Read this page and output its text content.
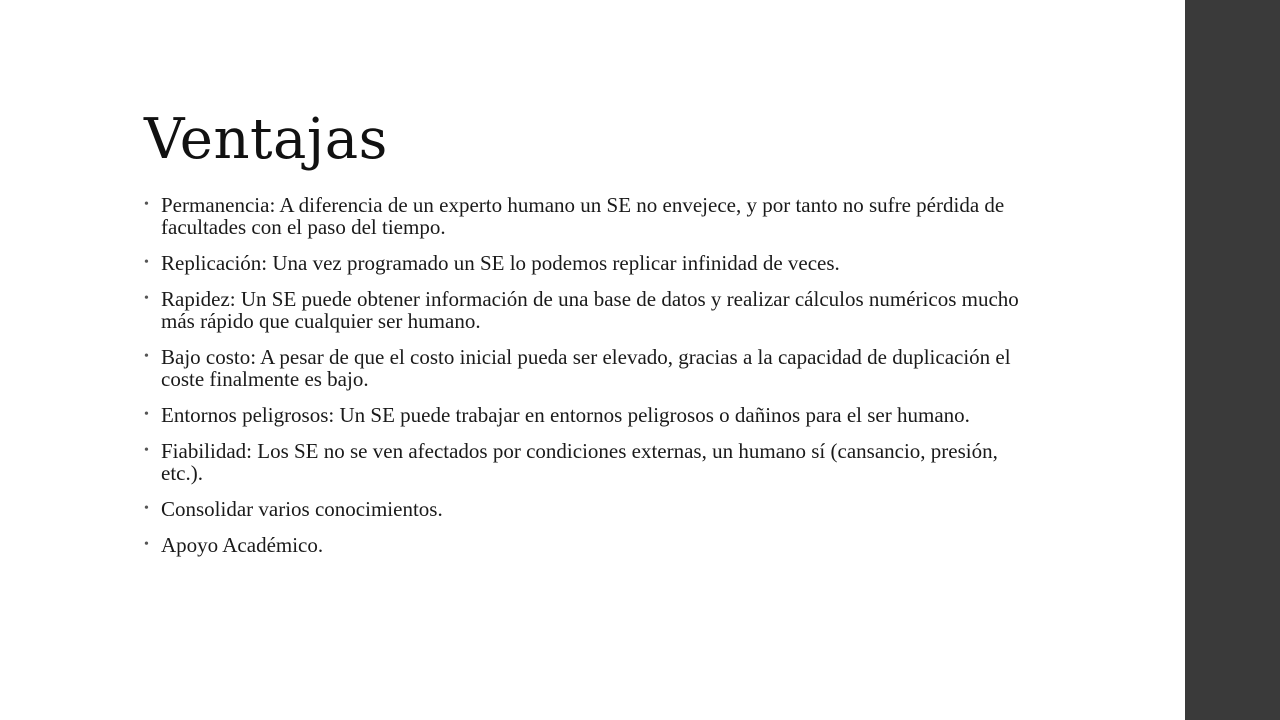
Ventajas
• Permanencia: A diferencia de un experto humano un SE no envejece, y por tanto no sufre pérdida de facultades con el paso del tiempo.
• Replicación: Una vez programado un SE lo podemos replicar infinidad de veces.
• Rapidez: Un SE puede obtener información de una base de datos y realizar cálculos numéricos mucho más rápido que cualquier ser humano.
• Bajo costo: A pesar de que el costo inicial pueda ser elevado, gracias a la capacidad de duplicación el coste finalmente es bajo.
• Entornos peligrosos: Un SE puede trabajar en entornos peligrosos o dañinos para el ser humano.
• Fiabilidad: Los SE no se ven afectados por condiciones externas, un humano sí (cansancio, presión, etc.).
• Consolidar varios conocimientos.
• Apoyo Académico.
